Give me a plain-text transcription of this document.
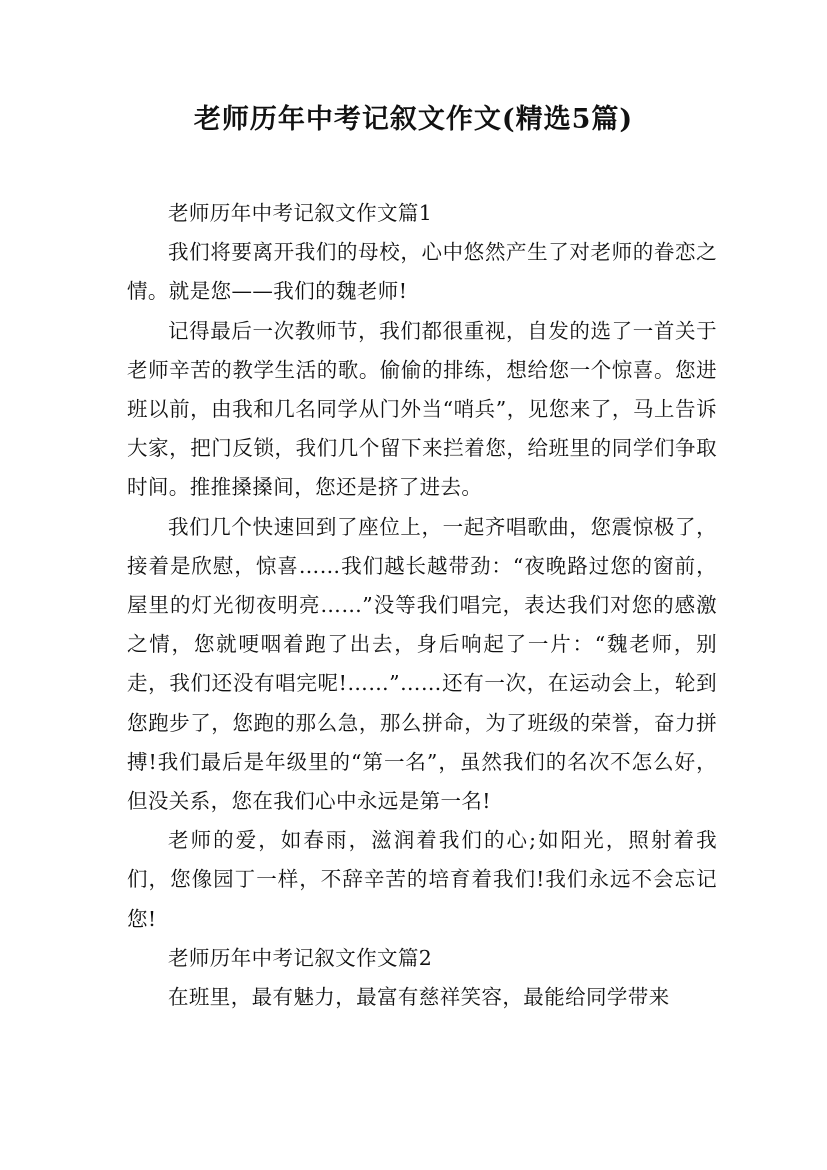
老师历年中考记叙文作文(精选5篇)

老师历年中考记叙文作文篇1

我们将要离开我们的母校，心中悠然产生了对老师的眷恋之情。就是您——我们的魏老师!

记得最后一次教师节，我们都很重视，自发的选了一首关于老师辛苦的教学生活的歌。偷偷的排练，想给您一个惊喜。您进班以前，由我和几名同学从门外当“哨兵”，见您来了，马上告诉大家，把门反锁，我们几个留下来拦着您，给班里的同学们争取时间。推推搡搡间，您还是挤了进去。

我们几个快速回到了座位上，一起齐唱歌曲，您震惊极了，接着是欣慰，惊喜……我们越长越带劲：“夜晚路过您的窗前，屋里的灯光彻夜明亮……”没等我们唱完，表达我们对您的感激之情，您就哽咽着跑了出去，身后响起了一片：“魏老师，别走，我们还没有唱完呢!……”……还有一次，在运动会上，轮到您跑步了，您跑的那么急，那么拼命，为了班级的荣誉，奋力拼搏!我们最后是年级里的“第一名”，虽然我们的名次不怎么好，但没关系，您在我们心中永远是第一名!

老师的爱，如春雨，滋润着我们的心;如阳光，照射着我们，您像园丁一样，不辞辛苦的培育着我们!我们永远不会忘记您!

老师历年中考记叙文作文篇2

在班里，最有魅力，最富有慈祥笑容，最能给同学带来
